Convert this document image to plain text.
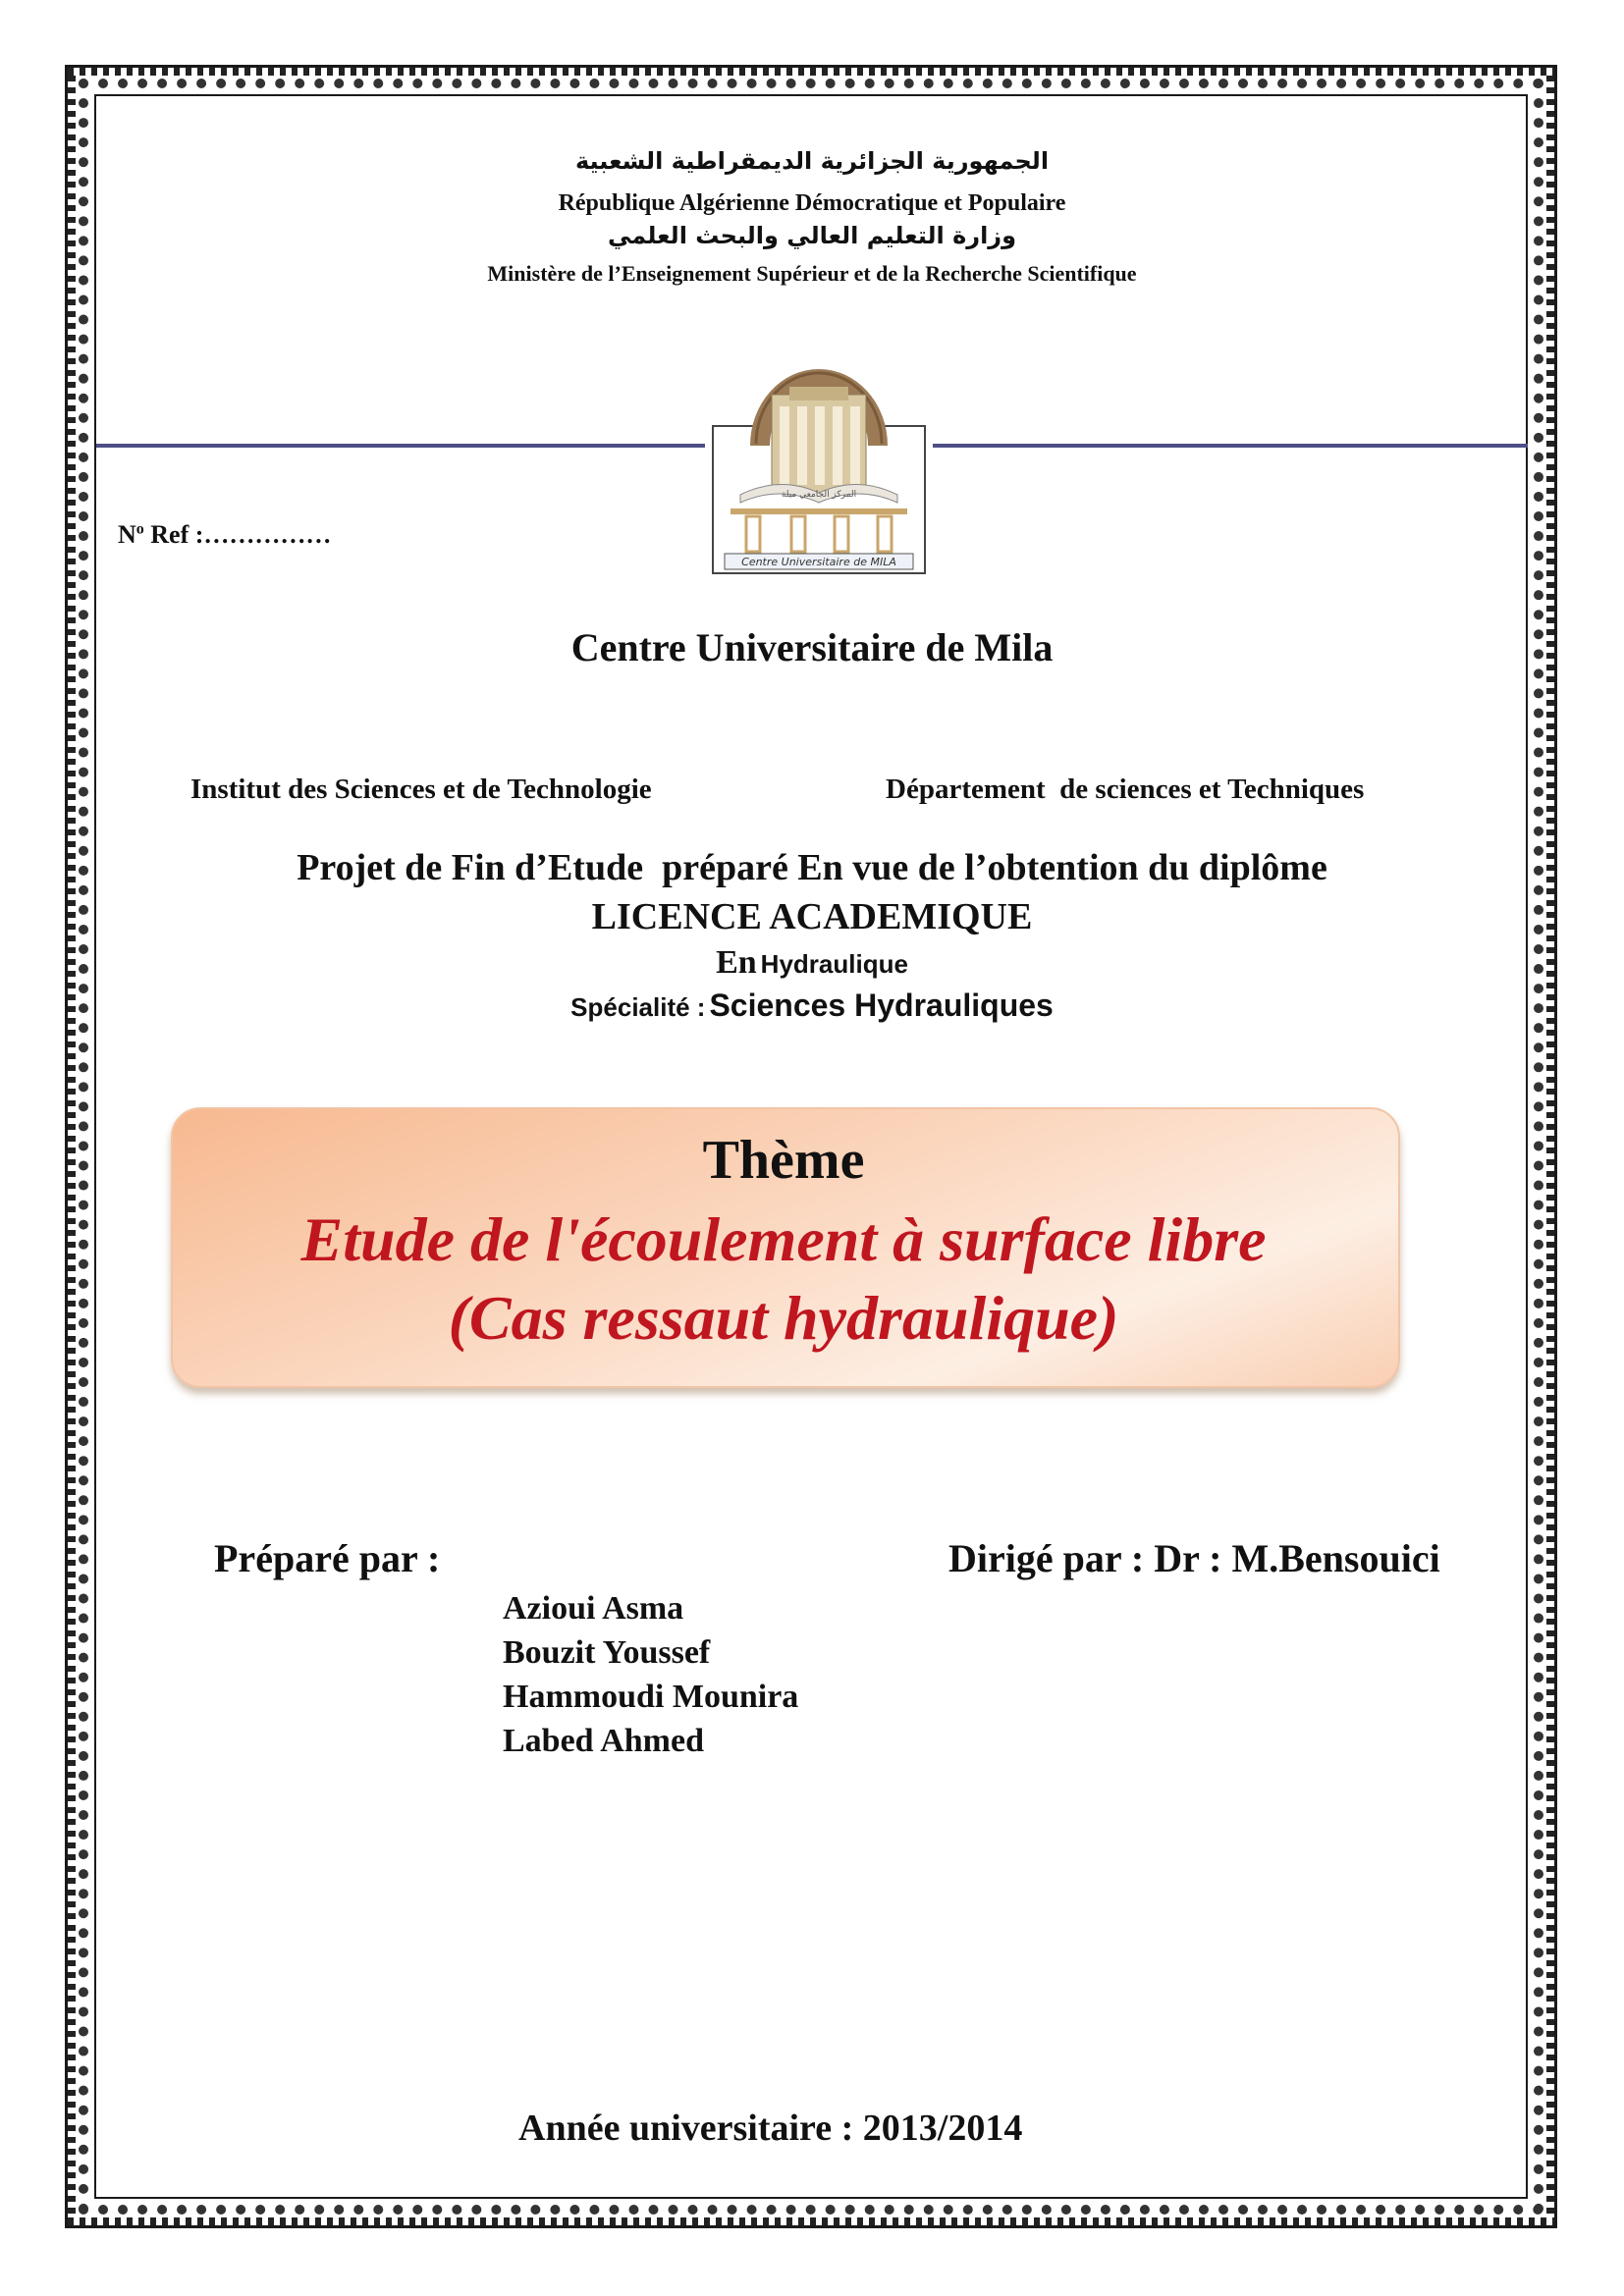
الجمهورية الجزائرية الديمقراطية الشعبية
République Algérienne Démocratique et Populaire
وزارة التعليم العالي والبحث العلمي
Ministère de l’Enseignement Supérieur et de la Recherche Scientifique
المركز الجامعي ميلة
Centre Universitaire de MILA
$N^o$ Ref :……………
Centre Universitaire de Mila
Institut des Sciences et de Technologie	Département  de sciences et Techniques
Projet de Fin d’Etude  préparé En vue de l’obtention du diplôme
LICENCE ACADEMIQUE
En Hydraulique
Spécialité : Sciences Hydrauliques
Thème
Etude de l'écoulement à surface libre
(Cas ressaut hydraulique)
Préparé par :	Dirigé par : Dr : M.Bensouici
Azioui Asma
Bouzit Youssef
Hammoudi Mounira
Labed Ahmed
Année universitaire : 2013/2014
